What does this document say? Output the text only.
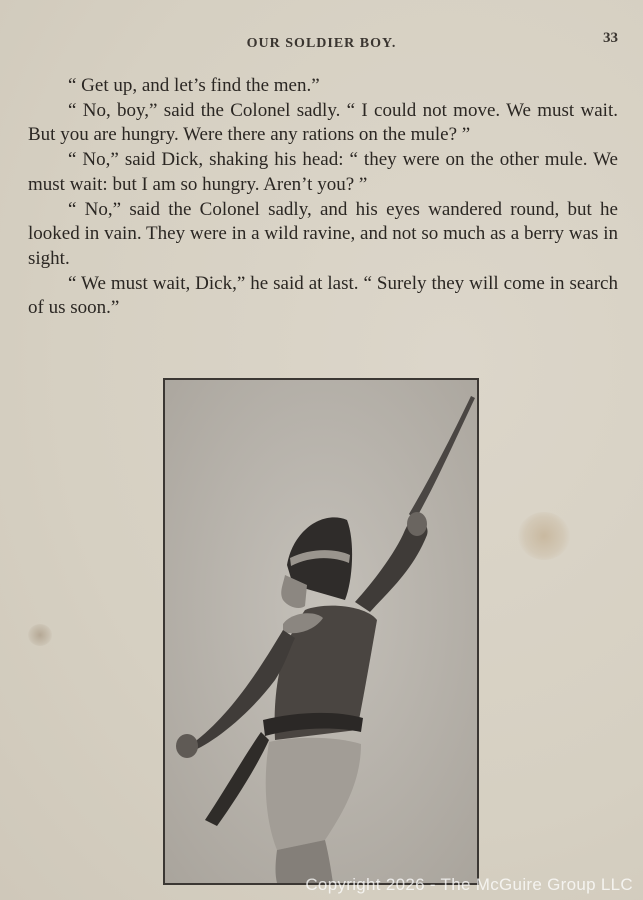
OUR SOLDIER BOY.	33

“ Get up, and let’s find the men.”

“ No, boy,” said the Colonel sadly. “ I could not move. We must wait. But you are hungry. Were there any rations on the mule? ”

“ No,” said Dick, shaking his head: “ they were on the other mule. We must wait: but I am so hungry. Aren’t you? ”

“ No,” said the Colonel sadly, and his eyes wandered round, but he looked in vain. They were in a wild ravine, and not so much as a berry was in sight.

“ We must wait, Dick,” he said at last. “ Surely they will come in search of us soon.”

Copyright 2026 - The McGuire Group LLC
